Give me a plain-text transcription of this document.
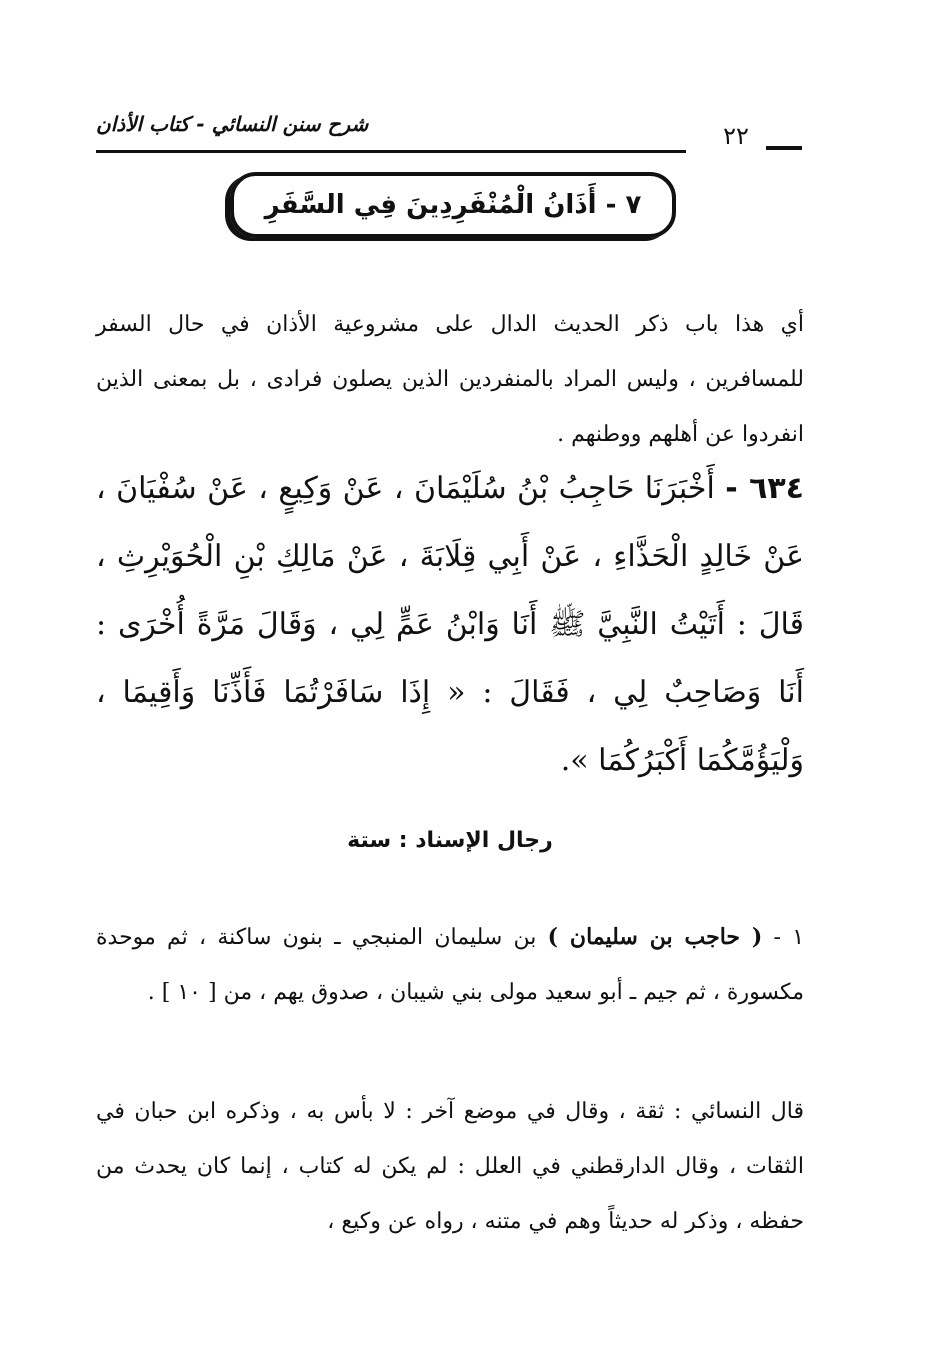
شرح سنن النسائي - كتاب الأذان	٢٢
٧ - أَذَانُ الْمُنْفَرِدِينَ فِي السَّفَرِ

أي هذا باب ذكر الحديث الدال على مشروعية الأذان في حال السفر للمسافرين ، وليس المراد بالمنفردين الذين يصلون فرادى ، بل بمعنى الذين انفردوا عن أهلهم ووطنهم .

٦٣٤ - أَخْبَرَنَا حَاجِبُ بْنُ سُلَيْمَانَ ، عَنْ وَكِيعٍ ، عَنْ سُفْيَانَ ، عَنْ خَالِدٍ الْحَذَّاءِ ، عَنْ أَبِي قِلَابَةَ ، عَنْ مَالِكِ بْنِ الْحُوَيْرِثِ ، قَالَ : أَتَيْتُ النَّبِيَّ ﷺ أَنَا وَابْنُ عَمٍّ لِي ، وَقَالَ مَرَّةً أُخْرَى : أَنَا وَصَاحِبٌ لِي ، فَقَالَ : « إِذَا سَافَرْتُمَا فَأَذِّنَا وَأَقِيمَا ، وَلْيَؤُمَّكُمَا أَكْبَرُكُمَا ».
رجال الإسناد : ستة

١ - ( حاجب بن سليمان ) بن سليمان المنبجي ـ بنون ساكنة ، ثم موحدة مكسورة ، ثم جيم ـ أبو سعيد مولى بني شيبان ، صدوق يهم ، من [ ١٠ ] .

قال النسائي : ثقة ، وقال في موضع آخر : لا بأس به ، وذكره ابن حبان في الثقات ، وقال الدارقطني في العلل : لم يكن له كتاب ، إنما كان يحدث من حفظه ، وذكر له حديثاً وهم في متنه ، رواه عن وكيع ،
